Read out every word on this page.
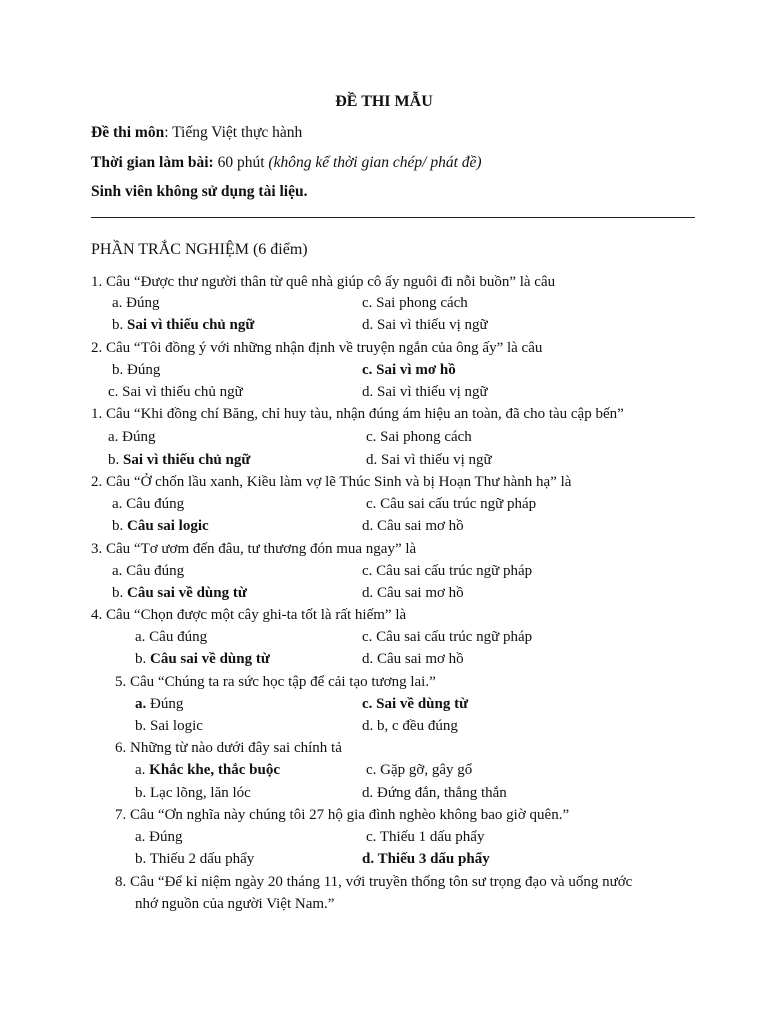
ĐỀ THI MẪU
Đề thi môn: Tiếng Việt thực hành
Thời gian làm bài: 60 phút (không kể thời gian chép/ phát đề)
Sinh viên không sử dụng tài liệu.
PHẦN TRẮC NGHIỆM (6 điểm)
1. Câu “Được thư người thân từ quê nhà giúp cô ấy nguôi đi nỗi buồn” là câu
a. Đúng	c. Sai phong cách
b. Sai vì thiếu chủ ngữ	d. Sai vì thiếu vị ngữ
2. Câu “Tôi đồng ý với những nhận định về truyện ngắn của ông ấy” là câu
b. Đúng	c. Sai vì mơ hồ
c. Sai vì thiếu chủ ngữ	d. Sai vì thiếu vị ngữ
1. Câu “Khi đồng chí Băng, chỉ huy tàu, nhận đúng ám hiệu an toàn, đã cho tàu cập bến”
a. Đúng	c. Sai phong cách
b. Sai vì thiếu chủ ngữ	d. Sai vì thiếu vị ngữ
2. Câu “Ở chốn lầu xanh, Kiều làm vợ lẽ Thúc Sinh và bị Hoạn Thư hành hạ” là
a. Câu đúng	c. Câu sai cấu trúc ngữ pháp
b. Câu sai logic	d. Câu sai mơ hồ
3. Câu “Tơ ươm đến đâu, tư thương đón mua ngay” là
a. Câu đúng	c. Câu sai cấu trúc ngữ pháp
b. Câu sai về dùng từ	d. Câu sai mơ hồ
4. Câu “Chọn được một cây ghi-ta tốt là rất hiếm” là
a. Câu đúng	c. Câu sai cấu trúc ngữ pháp
b. Câu sai về dùng từ	d. Câu sai mơ hồ
5. Câu “Chúng ta ra sức học tập để cải tạo tương lai.”
a. Đúng	c. Sai về dùng từ
b. Sai logic	d. b, c đều đúng
6. Những từ nào dưới đây sai chính tả
a. Khắc khe, thắc buộc	c. Gặp gỡ, gây gổ
b. Lạc lõng, lăn lóc	d. Đứng đắn, thẳng thắn
7. Câu “Ơn nghĩa này chúng tôi 27 hộ gia đình nghèo không bao giờ quên.”
a. Đúng	c. Thiếu 1 dấu phẩy
b. Thiếu 2 dấu phẩy	d. Thiếu 3 dấu phẩy
8. Câu “Để kỉ niệm ngày 20 tháng 11, với truyền thống tôn sư trọng đạo và uống nước
nhớ nguồn của người Việt Nam.”
